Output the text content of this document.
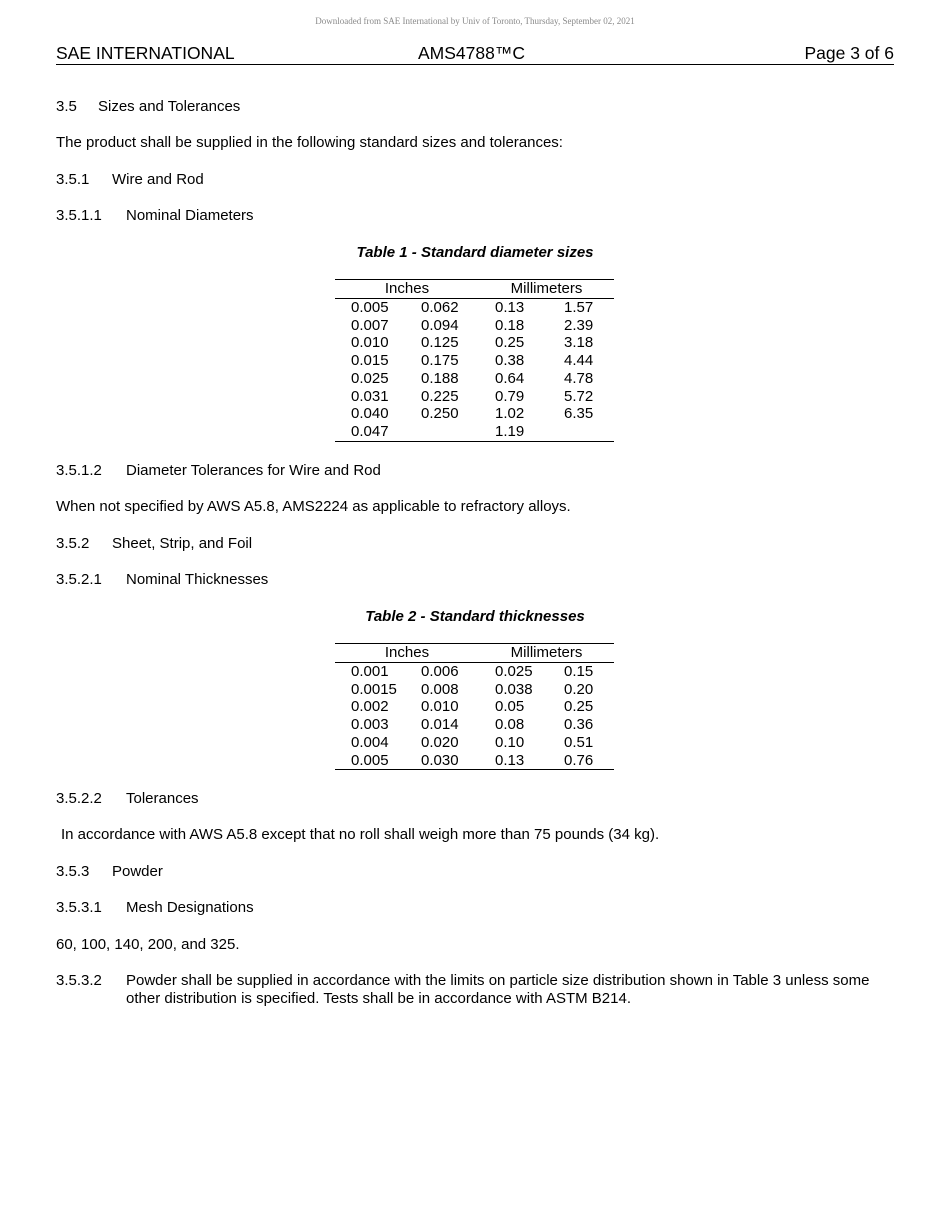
Downloaded from SAE International by Univ of Toronto, Thursday, September 02, 2021
SAE INTERNATIONAL	AMS4788™C	Page 3 of 6
3.5 Sizes and Tolerances
The product shall be supplied in the following standard sizes and tolerances:
3.5.1 Wire and Rod
3.5.1.1 Nominal Diameters
Table 1 - Standard diameter sizes
Inches		Millimeters	
0.005	0.062	0.13	1.57
0.007	0.094	0.18	2.39
0.010	0.125	0.25	3.18
0.015	0.175	0.38	4.44
0.025	0.188	0.64	4.78
0.031	0.225	0.79	5.72
0.040	0.250	1.02	6.35
0.047		1.19	
3.5.1.2 Diameter Tolerances for Wire and Rod
When not specified by AWS A5.8, AMS2224 as applicable to refractory alloys.
3.5.2 Sheet, Strip, and Foil
3.5.2.1 Nominal Thicknesses
Table 2 - Standard thicknesses
Inches		Millimeters	
0.001	0.006	0.025	0.15
0.0015	0.008	0.038	0.20
0.002	0.010	0.05	0.25
0.003	0.014	0.08	0.36
0.004	0.020	0.10	0.51
0.005	0.030	0.13	0.76
3.5.2.2 Tolerances
In accordance with AWS A5.8 except that no roll shall weigh more than 75 pounds (34 kg).
3.5.3 Powder
3.5.3.1 Mesh Designations
60, 100, 140, 200, and 325.
3.5.3.2 Powder shall be supplied in accordance with the limits on particle size distribution shown in Table 3 unless some other distribution is specified. Tests shall be in accordance with ASTM B214.
